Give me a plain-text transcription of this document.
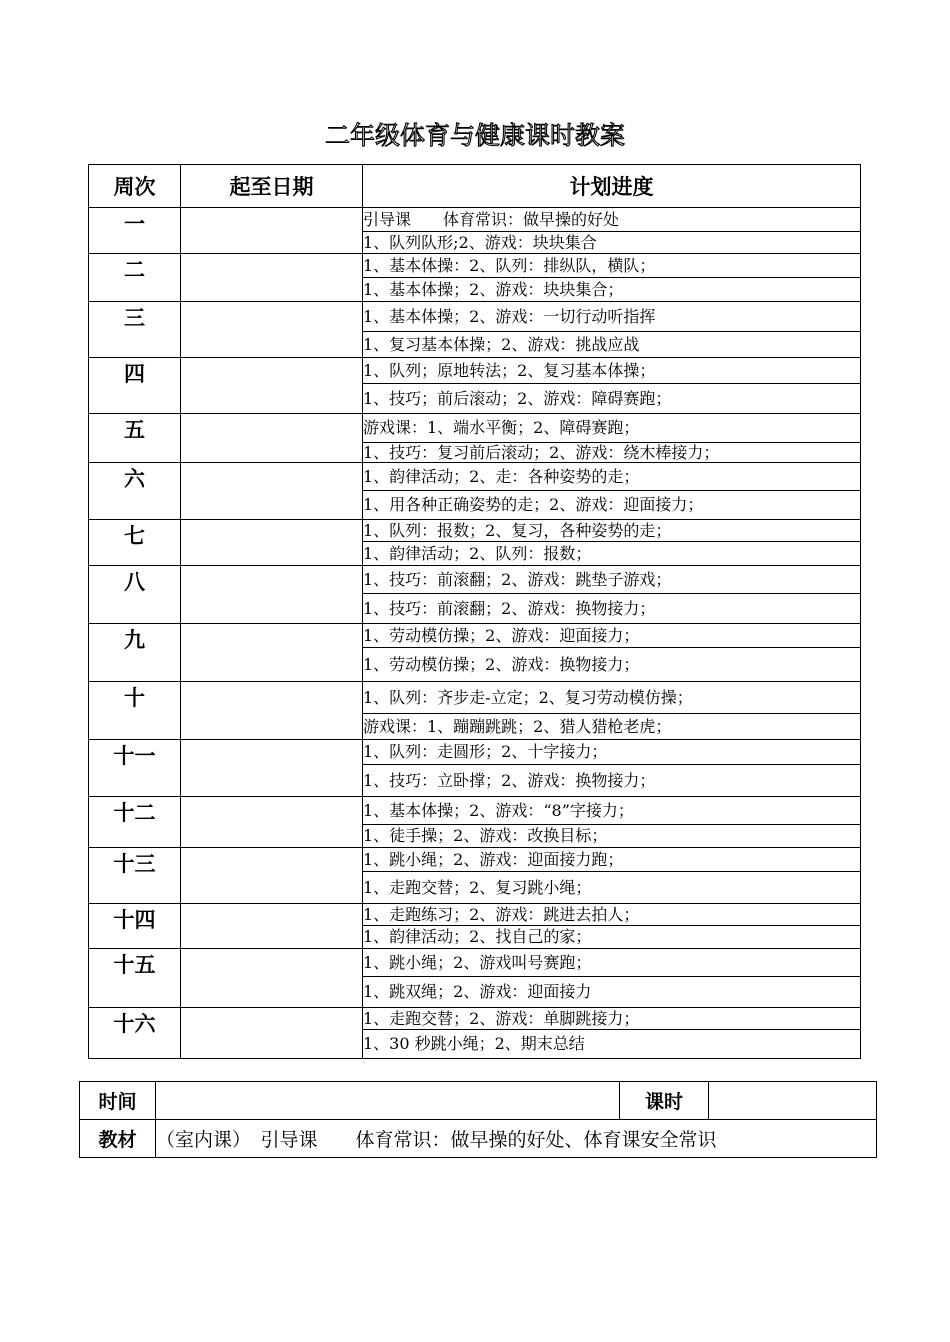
二年级体育与健康课时教案
周次	起至日期	计划进度
一		引导课　　体育常识：做早操的好处
		1、队列队形;2、游戏：块块集合
二		1、基本体操：2、队列：排纵队，横队；
		1、基本体操；2、游戏：块块集合；
三		1、基本体操；2、游戏：一切行动听指挥
		1、复习基本体操；2、游戏：挑战应战
四		1、队列；原地转法；2、复习基本体操；
		1、技巧；前后滚动；2、游戏：障碍赛跑；
五		游戏课：1、端水平衡；2、障碍赛跑；
		1、技巧：复习前后滚动；2、游戏：绕木棒接力；
六		1、韵律活动；2、走：各种姿势的走；
		1、用各种正确姿势的走；2、游戏：迎面接力；
七		1、队列：报数；2、复习，各种姿势的走；
		1、韵律活动；2、队列：报数；
八		1、技巧：前滚翻；2、游戏：跳垫子游戏；
		1、技巧：前滚翻；2、游戏：换物接力；
九		1、劳动模仿操；2、游戏：迎面接力；
		1、劳动模仿操；2、游戏：换物接力；
十		1、队列：齐步走-立定；2、复习劳动模仿操；
		游戏课：1、蹦蹦跳跳；2、猎人猎枪老虎；
十一		1、队列：走圆形；2、十字接力；
		1、技巧：立卧撑；2、游戏：换物接力；
十二		1、基本体操；2、游戏：“8”字接力；
		1、徒手操；2、游戏：改换目标；
十三		1、跳小绳；2、游戏：迎面接力跑；
		1、走跑交替；2、复习跳小绳；
十四		1、走跑练习；2、游戏：跳进去拍人；
		1、韵律活动；2、找自己的家；
十五		1、跳小绳；2、游戏叫号赛跑；
		1、跳双绳；2、游戏：迎面接力
十六		1、走跑交替；2、游戏：单脚跳接力；
		1、30 秒跳小绳；2、期末总结
时间		课时	
教材	（室内课）　引导课　　体育常识：做早操的好处、体育课安全常识		
